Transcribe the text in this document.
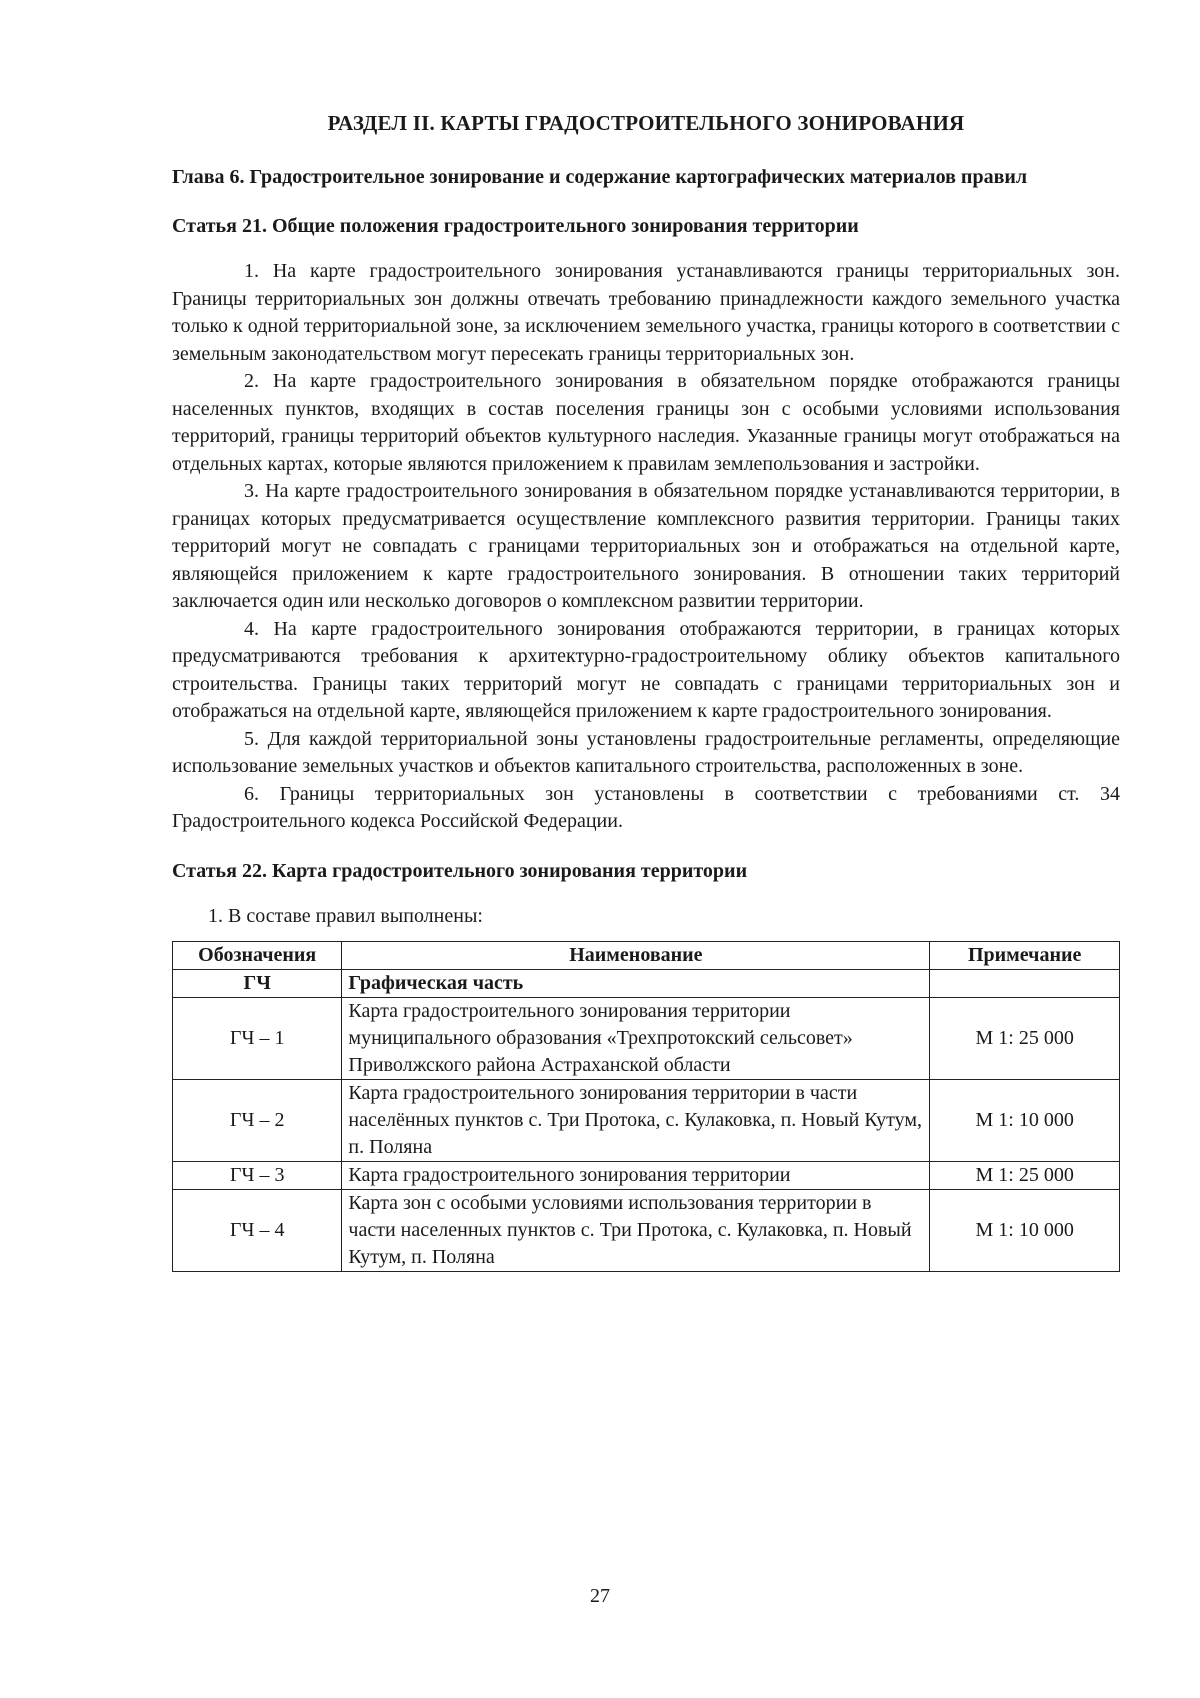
РАЗДЕЛ II. КАРТЫ ГРАДОСТРОИТЕЛЬНОГО ЗОНИРОВАНИЯ
Глава 6. Градостроительное зонирование и содержание картографических материалов правил
Статья 21. Общие положения градостроительного зонирования территории

1. На карте градостроительного зонирования устанавливаются границы территориальных зон. Границы территориальных зон должны отвечать требованию принадлежности каждого земельного участка только к одной территориальной зоне, за исключением земельного участка, границы которого в соответствии с земельным законодательством могут пересекать границы территориальных зон.

2. На карте градостроительного зонирования в обязательном порядке отображаются границы населенных пунктов, входящих в состав поселения границы зон с особыми условиями использования территорий, границы территорий объектов культурного наследия. Указанные границы могут отображаться на отдельных картах, которые являются приложением к правилам землепользования и застройки.

3. На карте градостроительного зонирования в обязательном порядке устанавливаются территории, в границах которых предусматривается осуществление комплексного развития территории. Границы таких территорий могут не совпадать с границами территориальных зон и отображаться на отдельной карте, являющейся приложением к карте градостроительного зонирования. В отношении таких территорий заключается один или несколько договоров о комплексном развитии территории.

4. На карте градостроительного зонирования отображаются территории, в границах которых предусматриваются требования к архитектурно-градостроительному облику объектов капитального строительства. Границы таких территорий могут не совпадать с границами территориальных зон и отображаться на отдельной карте, являющейся приложением к карте градостроительного зонирования.

5. Для каждой территориальной зоны установлены градостроительные регламенты, определяющие использование земельных участков и объектов капитального строительства, расположенных в зоне.

6. Границы территориальных зон установлены в соответствии с требованиями ст. 34 Градостроительного кодекса Российской Федерации.

Статья 22. Карта градостроительного зонирования территории
1. В составе правил выполнены:
Обозначения	Наименование	Примечание
ГЧ	Графическая часть	
ГЧ – 1	Карта градостроительного зонирования территории муниципального образования «Трехпротокский сельсовет» Приволжского района Астраханской области	М 1: 25 000
ГЧ – 2	Карта градостроительного зонирования территории в части населённых пунктов с. Три Протока, с. Кулаковка, п. Новый Кутум, п. Поляна	М 1: 10 000
ГЧ – 3	Карта градостроительного зонирования территории	М 1: 25 000
ГЧ – 4	Карта зон с особыми условиями использования территории в части населенных пунктов с. Три Протока, с. Кулаковка, п. Новый Кутум, п. Поляна	М 1: 10 000
27
